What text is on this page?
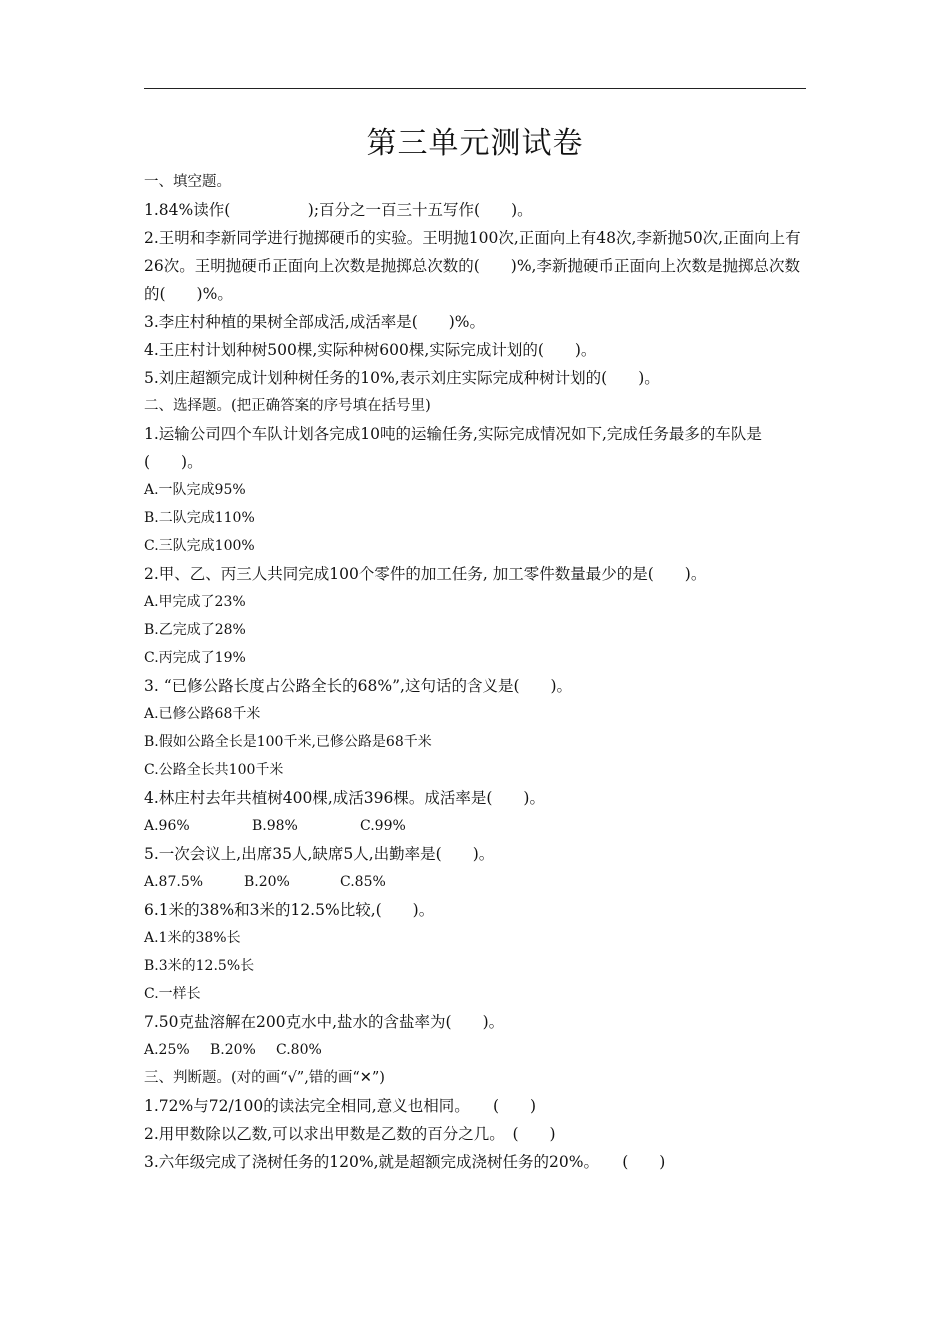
第三单元测试卷
一、填空题。
1.84%读作(　　　　　);百分之一百三十五写作(　　)。
2.王明和李新同学进行抛掷硬币的实验。王明抛100次,正面向上有48次,李新抛50次,正面向上有26次。王明抛硬币正面向上次数是抛掷总次数的(　　)%,李新抛硬币正面向上次数是抛掷总次数的(　　)%。
3.李庄村种植的果树全部成活,成活率是(　　)%。
4.王庄村计划种树500棵,实际种树600棵,实际完成计划的(　　)。
5.刘庄超额完成计划种树任务的10%,表示刘庄实际完成种树计划的(　　)。
二、选择题。(把正确答案的序号填在括号里)
1.运输公司四个车队计划各完成10吨的运输任务,实际完成情况如下,完成任务最多的车队是(　　)。
A.一队完成95%
B.二队完成110%
C.三队完成100%
2.甲、乙、丙三人共同完成100个零件的加工任务, 加工零件数量最少的是(　　)。
A.甲完成了23%
B.乙完成了28%
C.丙完成了19%
3. “已修公路长度占公路全长的68%”,这句话的含义是(　　)。
A.已修公路68千米
B.假如公路全长是100千米,已修公路是68千米
C.公路全长共100千米
4.林庄村去年共植树400棵,成活396棵。成活率是(　　)。
A.96%	B.98%	C.99%
5.一次会议上,出席35人,缺席5人,出勤率是(　　)。
A.87.5%	B.20%	C.85%
6.1米的38%和3米的12.5%比较,(　　)。
A.1米的38%长
B.3米的12.5%长
C.一样长
7.50克盐溶解在200克水中,盐水的含盐率为(　　)。
A.25% B.20% C.80%
三、判断题。(对的画“√”,错的画“✕”)
1.72%与72/100的读法完全相同,意义也相同。　　(　　)
2.用甲数除以乙数,可以求出甲数是乙数的百分之几。　(　　)
3.六年级完成了浇树任务的120%,就是超额完成浇树任务的20%。　　(　　)
